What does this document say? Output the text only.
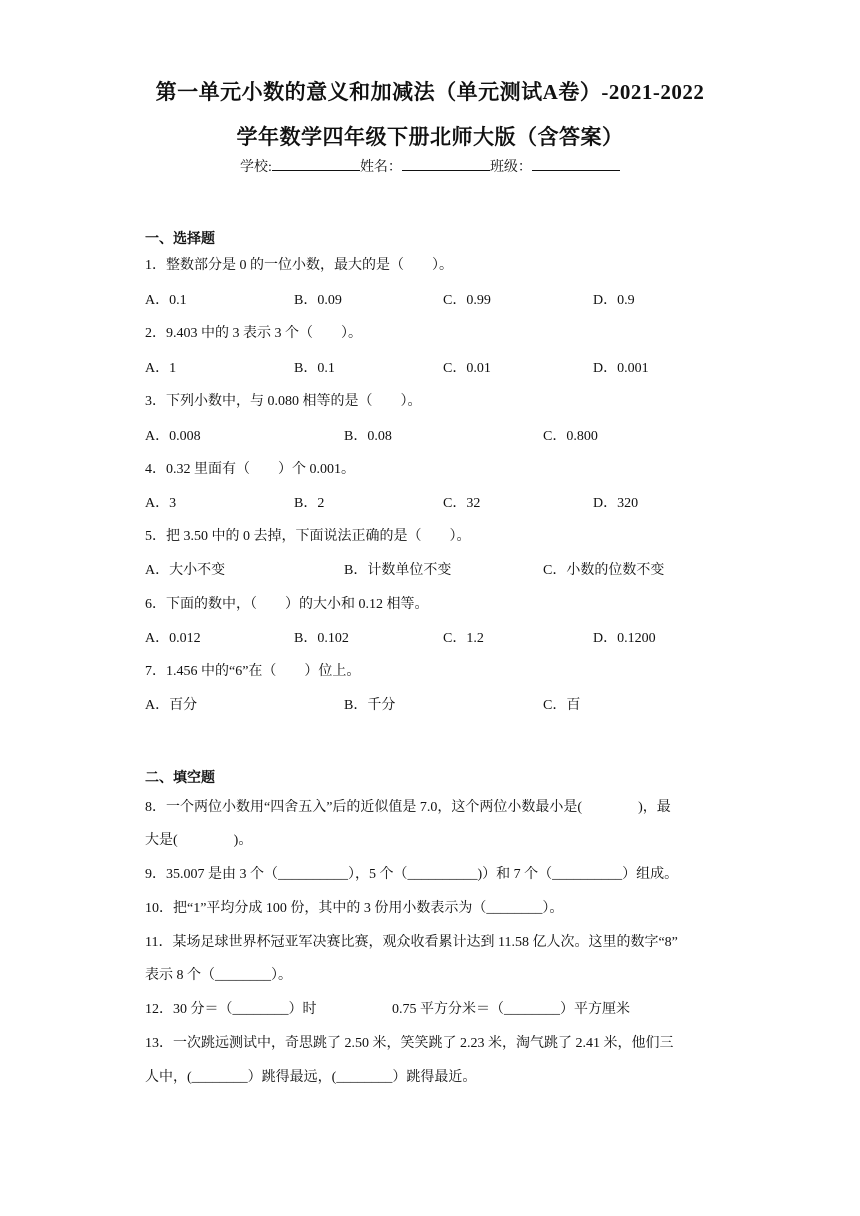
第一单元小数的意义和加减法（单元测试A卷）-2021-2022
学年数学四年级下册北师大版（含答案）
学校:	姓名：	班级：
一、选择题
1．整数部分是 0 的一位小数，最大的是（　　）。
A．0.1	B．0.09	C．0.99	D．0.9
2．9.403 中的 3 表示 3 个（　　）。
A．1	B．0.1	C．0.01	D．0.001
3．下列小数中，与 0.080 相等的是（　　）。
A．0.008	B．0.08	C．0.800
4．0.32 里面有（　　）个 0.001。
A．3	B．2	C．32	D．320
5．把 3.50 中的 0 去掉，下面说法正确的是（　　）。
A．大小不变	B．计数单位不变	C．小数的位数不变
6．下面的数中，（　　）的大小和 0.12 相等。
A．0.012	B．0.102	C．1.2	D．0.1200
7．1.456 中的“6”在（　　）位上。
A．百分	B．千分	C．百
二、填空题
8．一个两位小数用“四舍五入”后的近似值是 7.0，这个两位小数最小是(　　　　)，最
大是(　　　　)。
9．35.007 是由 3 个（__________），5 个（__________)）和 7 个（__________）组成。
10．把“1”平均分成 100 份，其中的 3 份用小数表示为（________）。
11．某场足球世界杯冠亚军决赛比赛，观众收看累计达到 11.58 亿人次。这里的数字“8”
表示 8 个（________）。
12．30 分＝（________）时	0.75 平方分米＝（________）平方厘米
13．一次跳远测试中，奇思跳了 2.50 米，笑笑跳了 2.23 米，淘气跳了 2.41 米，他们三
人中，(________）跳得最远，(________）跳得最近。
